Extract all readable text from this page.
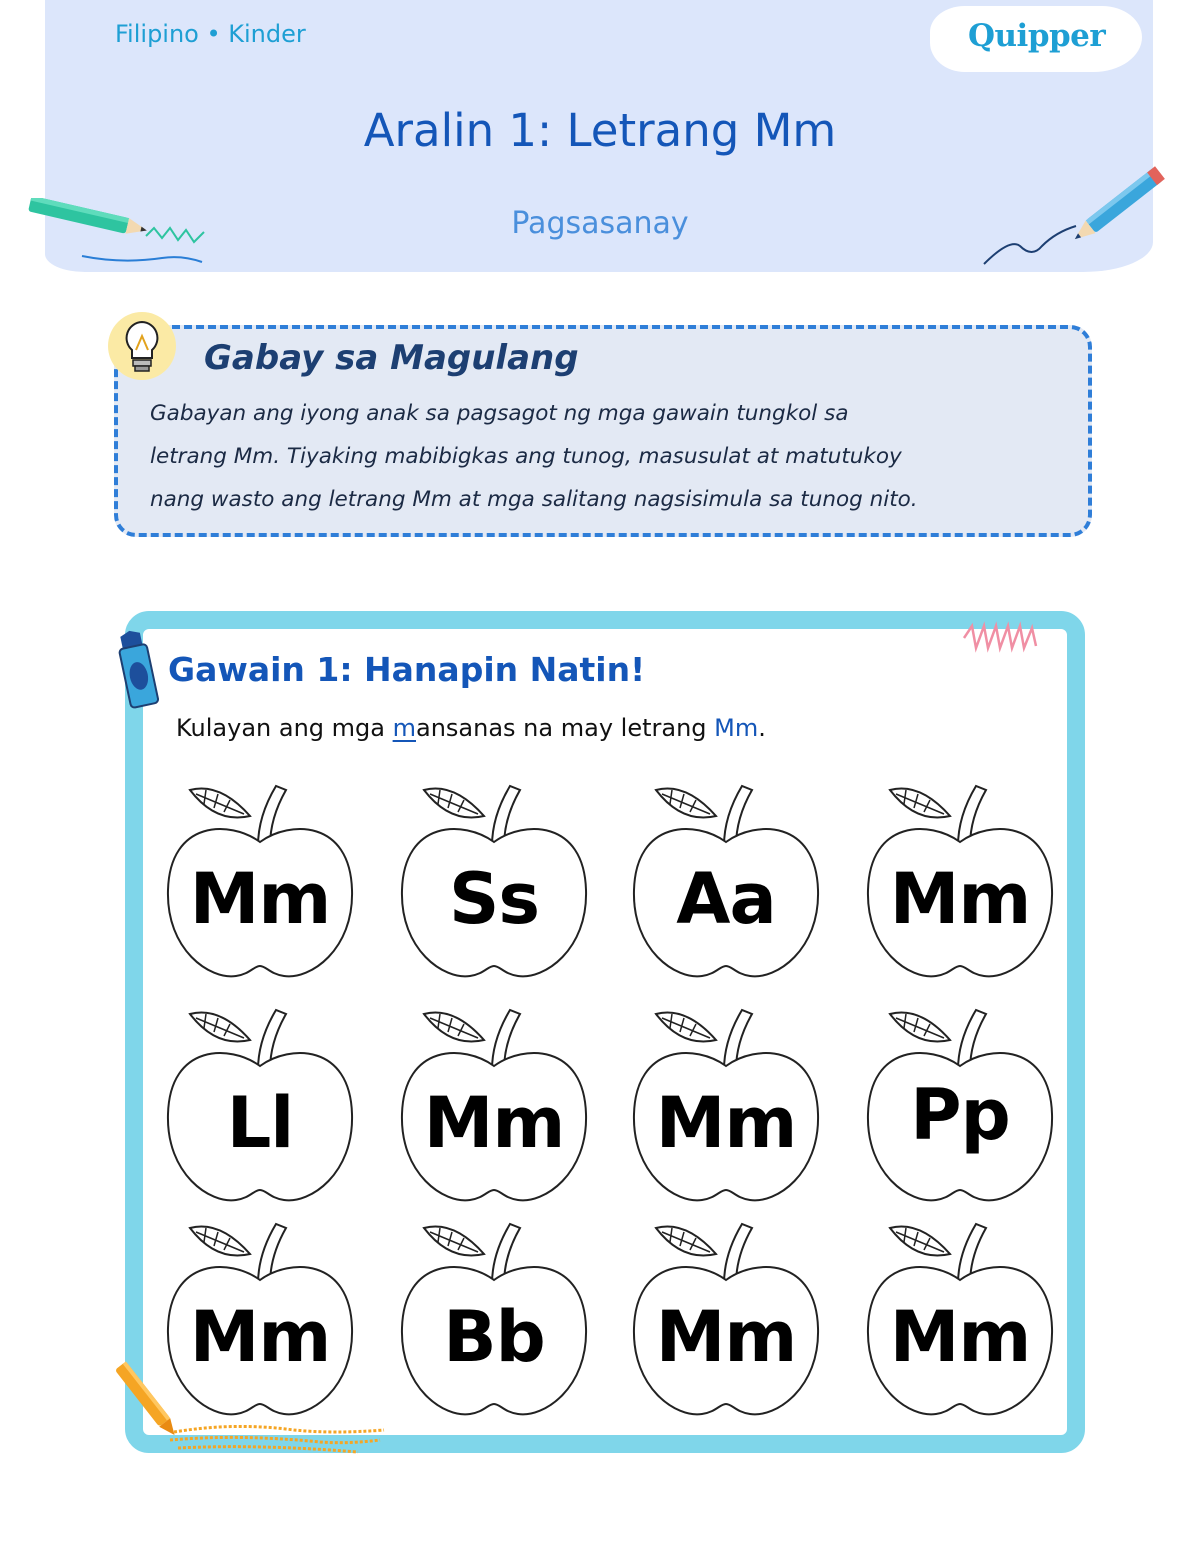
Filipino • Kinder	Quipper
Aralin 1: Letrang Mm
Pagsasanay
Gabay sa Magulang
Gabayan ang iyong anak sa pagsagot ng mga gawain tungkol sa
letrang Mm. Tiyaking mabibigkas ang tunog, masusulat at matutukoy
nang wasto ang letrang Mm at mga salitang nagsisimula sa tunog nito.
Gawain 1: Hanapin Natin!
Kulayan ang mga mansanas na may letrang Mm.
Mm	Ss	Aa	Mm
Ll	Mm	Mm	Pp
Mm	Bb	Mm	Mm
